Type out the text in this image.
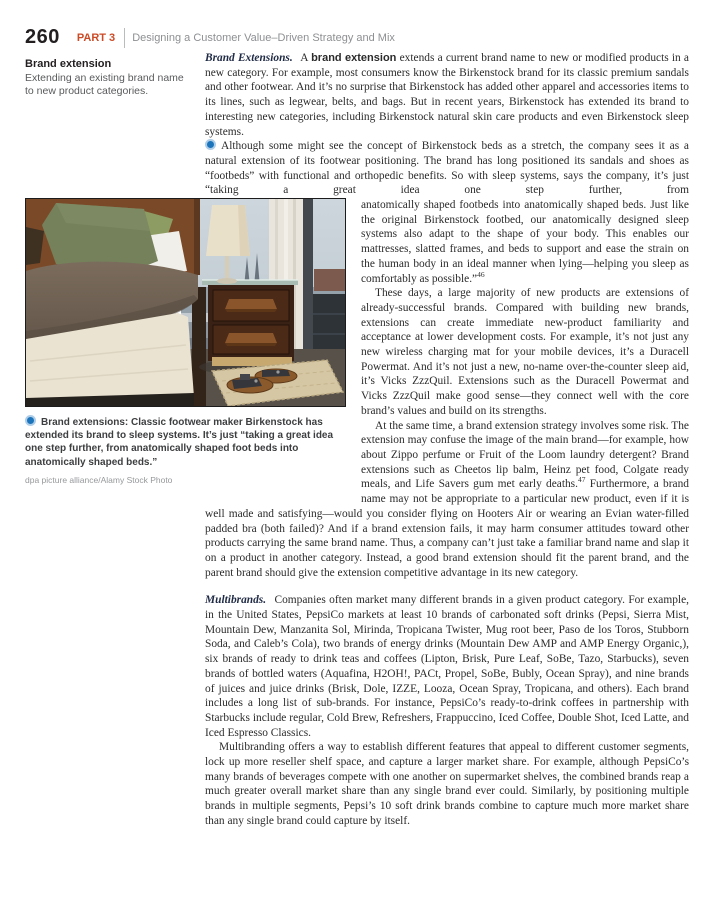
260 PART 3 Designing a Customer Value–Driven Strategy and Mix

Brand extension

Extending an existing brand name to new product categories.

Brand Extensions. A brand extension extends a current brand name to new or modified products in a new category. For example, most consumers know the Birkenstock brand for its classic premium sandals and other footwear. And it’s no surprise that Birkenstock has added other apparel and accessories items to its lines, such as legwear, belts, and bags. But in recent years, Birkenstock has extended its brand to interesting new categories, including Birkenstock natural skin care products and even Birkenstock sleep systems.

Although some might see the concept of Birkenstock beds as a stretch, the company sees it as a natural extension of its footwear positioning. The brand has long positioned its sandals and shoes as “footbeds” with functional and orthopedic benefits. So with sleep systems, says the company, it’s just “taking a great idea one step further, from

Brand extensions: Classic footwear maker Birkenstock has extended its brand to sleep systems. It’s just “taking a great idea one step further, from anatomically shaped foot beds into anatomically shaped beds.”
dpa picture alliance/Alamy Stock Photo

anatomically shaped footbeds into anatomically shaped beds. Just like the original Birkenstock footbed, our anatomically designed sleep systems also adapt to the shape of your body. This enables our mattresses, slatted frames, and beds to support and ease the strain on the human body in an ideal manner when lying—helping you sleep as comfortably as possible.”$^{46}$

These days, a large majority of new products are extensions of already-successful brands. Compared with building new brands, extensions can create immediate new-product familiarity and acceptance at lower development costs. For example, it’s not just any new wireless charging mat for your mobile devices, it’s a Duracell Powermat. And it’s not just a new, no-name over-the-counter sleep aid, it’s Vicks ZzzQuil. Extensions such as the Duracell Powermat and Vicks ZzzQuil make good sense—they connect well with the core brand’s values and build on its strengths.

At the same time, a brand extension strategy involves some risk. The extension may confuse the image of the main brand—for example, how about Zippo perfume or Fruit of the Loom laundry detergent? Brand extensions such as Cheetos lip balm, Heinz pet food, Colgate ready meals, and Life Savers gum met early deaths.$^{47}$ Furthermore, a brand name may not be appropriate to a particular new product, even if it is well made and satisfying—would you consider flying on Hooters Air or wearing an Evian water-filled padded bra (both failed)? And if a brand extension fails, it may harm consumer attitudes toward other products carrying the same brand name. Thus, a company can’t just take a familiar brand name and slap it on a product in another category. Instead, a good brand extension should fit the parent brand, and the parent brand should give the extension competitive advantage in its new category.

Multibrands. Companies often market many different brands in a given product category. For example, in the United States, PepsiCo markets at least 10 brands of carbonated soft drinks (Pepsi, Sierra Mist, Mountain Dew, Manzanita Sol, Mirinda, Tropicana Twister, Mug root beer, Paso de los Toros, Stubborn Soda, and Caleb’s Cola), two brands of energy drinks (Mountain Dew AMP and AMP Energy Organic,), six brands of ready to drink teas and coffees (Lipton, Brisk, Pure Leaf, SoBe, Tazo, Starbucks), seven brands of bottled waters (Aquafina, H2OH!, PACt, Propel, SoBe, Bubly, Ocean Spray), and nine brands of juices and juice drinks (Brisk, Dole, IZZE, Looza, Ocean Spray, Tropicana, and others). Each brand includes a long list of sub-brands. For instance, PepsiCo’s ready-to-drink coffees in partnership with Starbucks include regular, Cold Brew, Refreshers, Frappuccino, Iced Coffee, Double Shot, Iced Latte, and Iced Espresso Classics.

Multibranding offers a way to establish different features that appeal to different customer segments, lock up more reseller shelf space, and capture a larger market share. For example, although PepsiCo’s many brands of beverages compete with one another on supermarket shelves, the combined brands reap a much greater overall market share than any single brand ever could. Similarly, by positioning multiple brands in multiple segments, Pepsi’s 10 soft drink brands combine to capture much more market share than any single brand could capture by itself.
